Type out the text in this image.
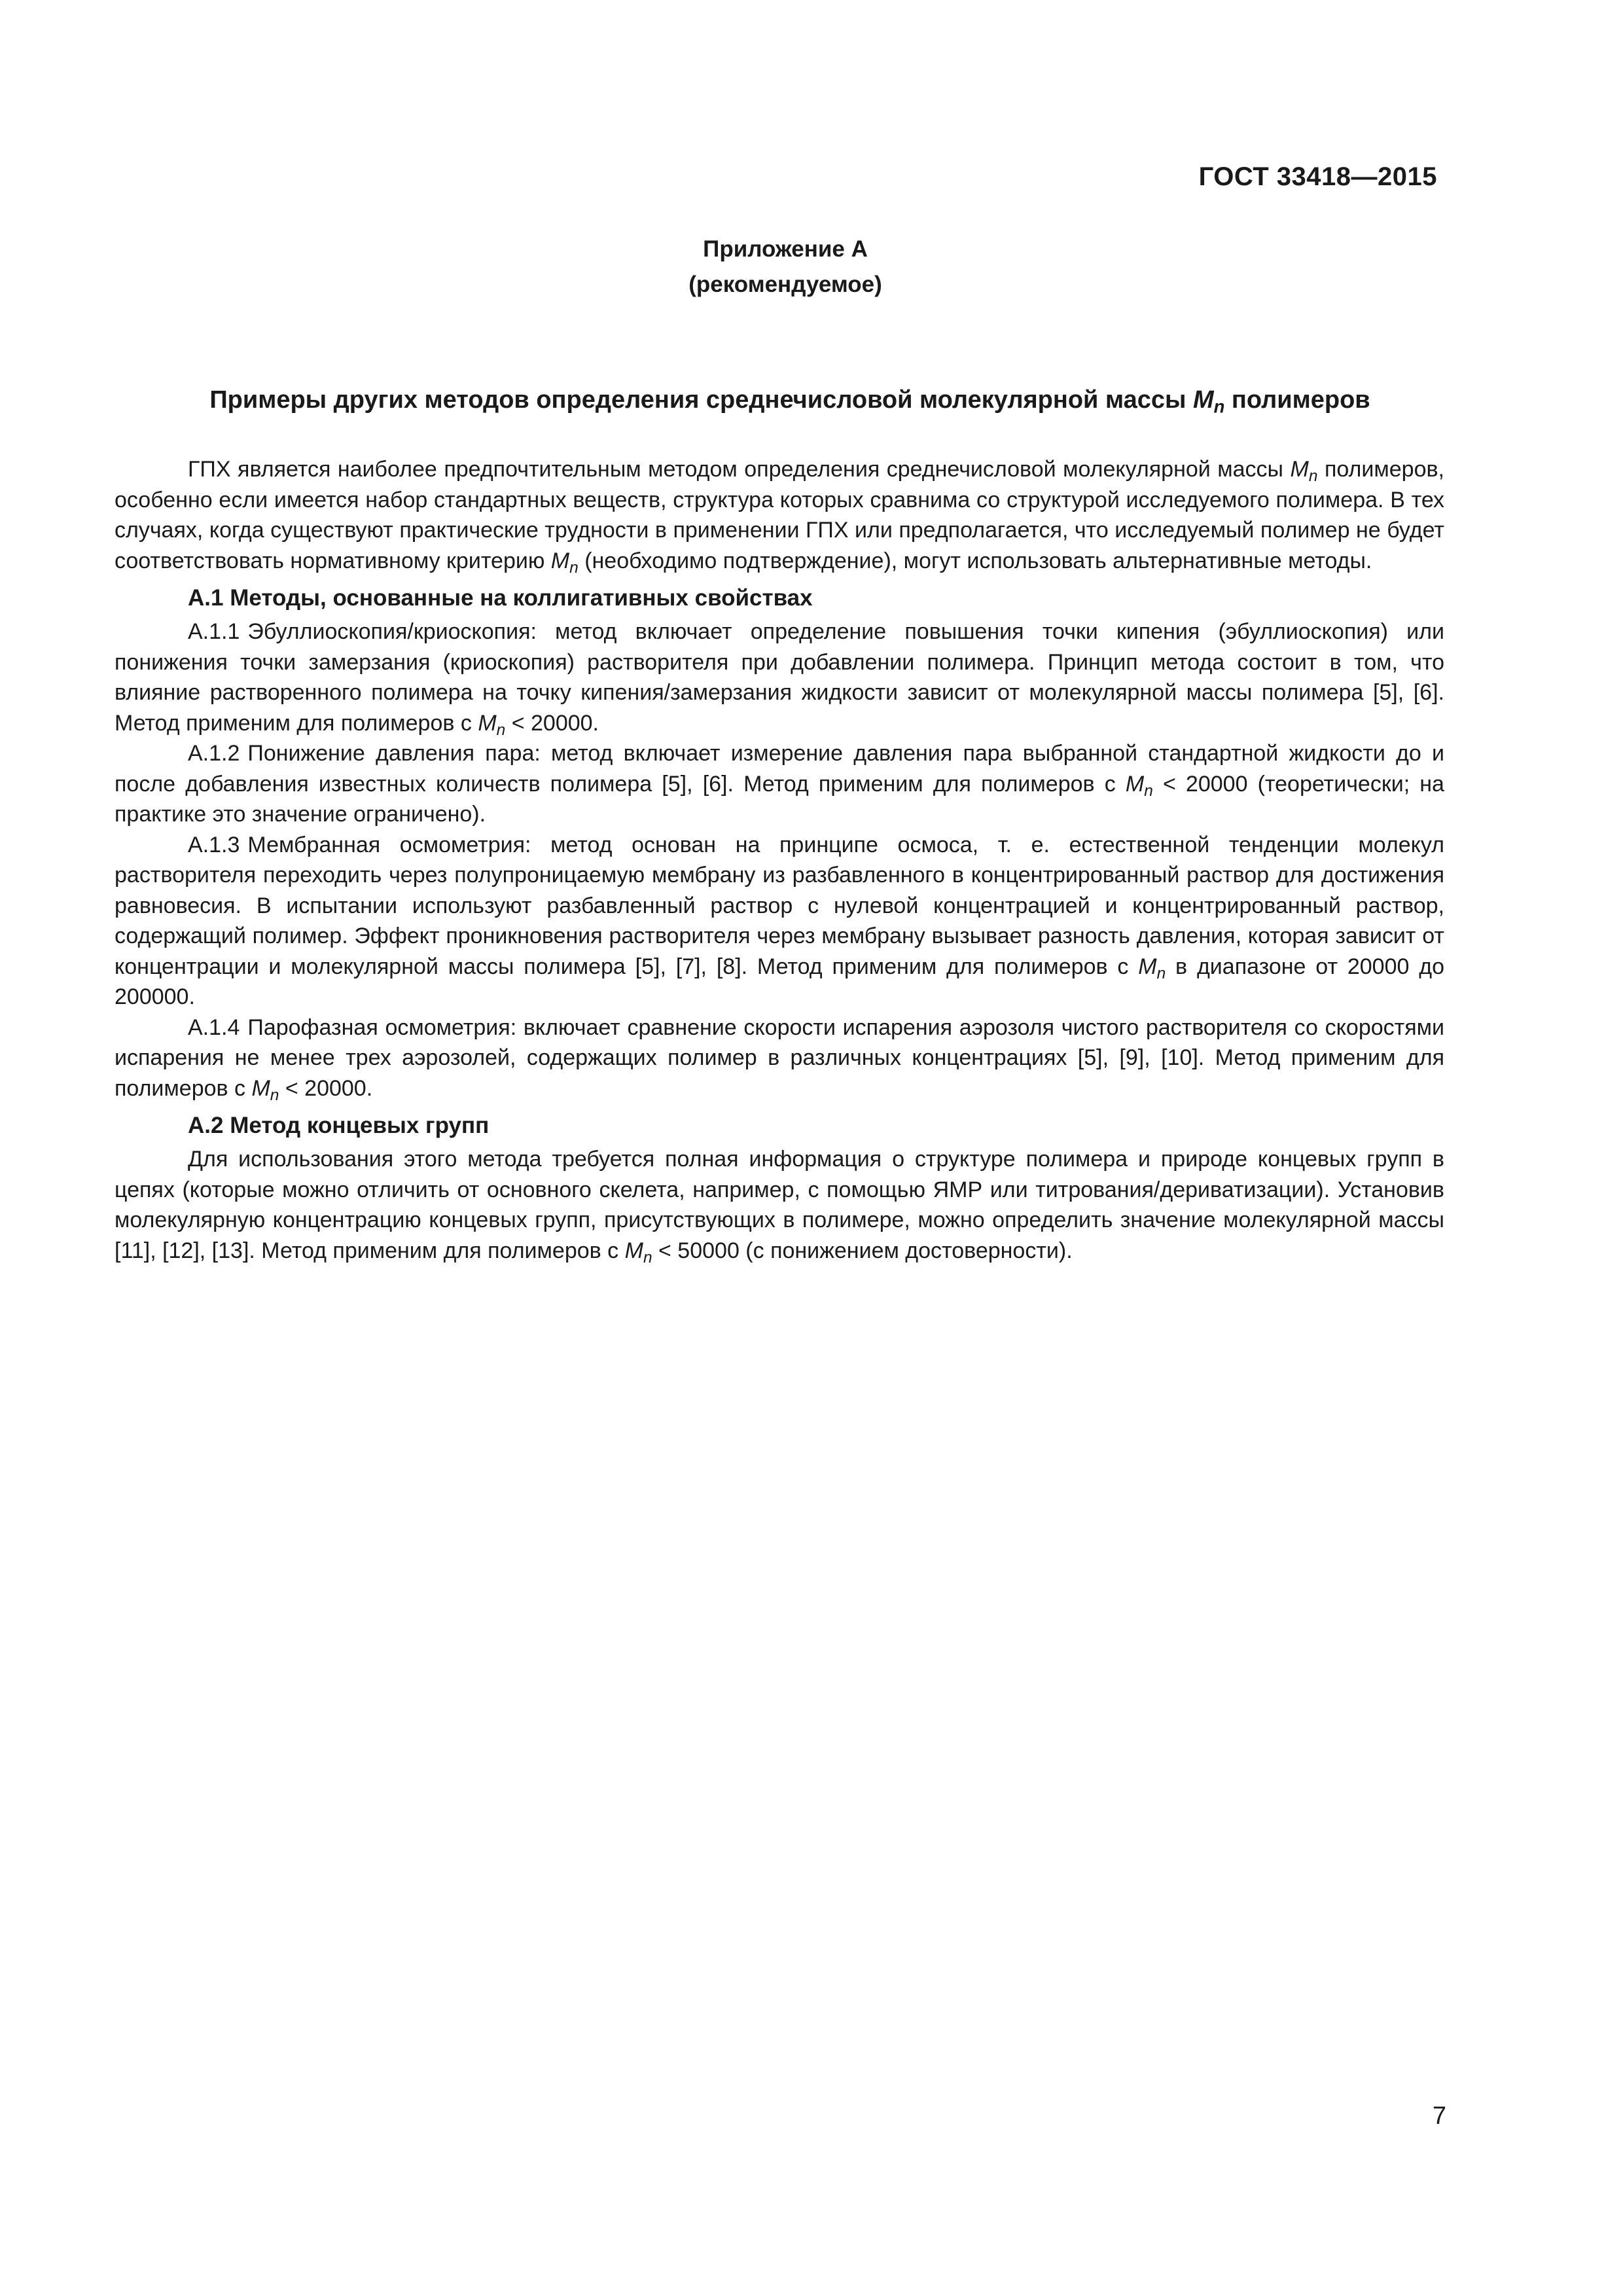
ГОСТ 33418—2015
Приложение А
(рекомендуемое)
Примеры других методов определения среднечисловой молекулярной массы $M_n$ полимеров

ГПХ является наиболее предпочтительным методом определения среднечисловой молекулярной массы $M_n$ полимеров, особенно если имеется набор стандартных веществ, структура которых сравнима со структурой исследуемого полимера. В тех случаях, когда существуют практические трудности в применении ГПХ или предполагается, что исследуемый полимер не будет соответствовать нормативному критерию $M_n$ (необходимо подтверждение), могут использовать альтернативные методы.

А.1 Методы, основанные на коллигативных свойствах

А.1.1 Эбуллиоскопия/криоскопия: метод включает определение повышения точки кипения (эбуллиоскопия) или понижения точки замерзания (криоскопия) растворителя при добавлении полимера. Принцип метода состоит в том, что влияние растворенного полимера на точку кипения/замерзания жидкости зависит от молекулярной массы полимера [5], [6]. Метод применим для полимеров с $M_n < 20000$.

А.1.2 Понижение давления пара: метод включает измерение давления пара выбранной стандартной жидкости до и после добавления известных количеств полимера [5], [6]. Метод применим для полимеров с $M_n < 20000$ (теоретически; на практике это значение ограничено).

А.1.3 Мембранная осмометрия: метод основан на принципе осмоса, т. е. естественной тенденции молекул растворителя переходить через полупроницаемую мембрану из разбавленного в концентрированный раствор для достижения равновесия. В испытании используют разбавленный раствор с нулевой концентрацией и концентрированный раствор, содержащий полимер. Эффект проникновения растворителя через мембрану вызывает разность давления, которая зависит от концентрации и молекулярной массы полимера [5], [7], [8]. Метод применим для полимеров с $M_n$ в диапазоне от 20000 до 200000.

А.1.4 Парофазная осмометрия: включает сравнение скорости испарения аэрозоля чистого растворителя со скоростями испарения не менее трех аэрозолей, содержащих полимер в различных концентрациях [5], [9], [10]. Метод применим для полимеров с $M_n < 20000$.

А.2 Метод концевых групп

Для использования этого метода требуется полная информация о структуре полимера и природе концевых групп в цепях (которые можно отличить от основного скелета, например, с помощью ЯМР или титрования/дериватизации). Установив молекулярную концентрацию концевых групп, присутствующих в полимере, можно определить значение молекулярной массы [11], [12], [13]. Метод применим для полимеров с $M_n < 50000$ (с понижением достоверности).

7
